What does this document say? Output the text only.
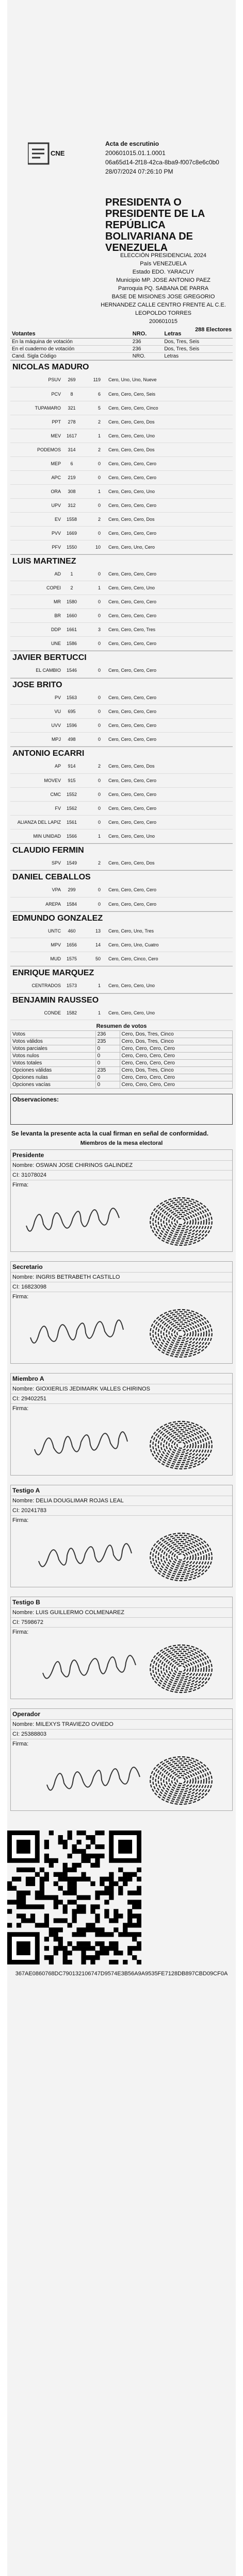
CNE
Acta de escrutinio
200601015.01.1.0001
06a65d14-2f18-42ca-8ba9-f007c8e6c0b0
28/07/2024 07:26:10 PM
PRESIDENTA O PRESIDENTE DE LA REPÚBLICA BOLIVARIANA DE VENEZUELA
ELECCIÓN PRESIDENCIAL 2024
País VENEZUELA
Estado EDO. YARACUY
Municipio MP. JOSE ANTONIO PAEZ
Parroquia PQ. SABANA DE PARRA
BASE DE MISIONES JOSE GREGORIO HERNANDEZ CALLE CENTRO FRENTE AL C.E. LEOPOLDO TORRES
200601015
288 Electores
Votantes	NRO.	Letras
En la máquina de votación	236	Dos, Tres, Seis
En el cuaderno de votación	236	Dos, Tres, Seis
Cand. Sigla Código	NRO.	Letras
NICOLAS MADURO
PSUV	269	119	Cero, Uno, Uno, Nueve
PCV	8	6	Cero, Cero, Cero, Seis
TUPAMARO	321	5	Cero, Cero, Cero, Cinco
PPT	278	2	Cero, Cero, Cero, Dos
MEV	1617	1	Cero, Cero, Cero, Uno
PODEMOS	314	2	Cero, Cero, Cero, Dos
MEP	6	0	Cero, Cero, Cero, Cero
APC	219	0	Cero, Cero, Cero, Cero
ORA	308	1	Cero, Cero, Cero, Uno
UPV	312	0	Cero, Cero, Cero, Cero
EV	1558	2	Cero, Cero, Cero, Dos
PVV	1669	0	Cero, Cero, Cero, Cero
PFV	1550	10	Cero, Cero, Uno, Cero
LUIS MARTINEZ
AD	1	0	Cero, Cero, Cero, Cero
COPEI	2	1	Cero, Cero, Cero, Uno
MR	1580	0	Cero, Cero, Cero, Cero
BR	1660	0	Cero, Cero, Cero, Cero
DDP	1661	3	Cero, Cero, Cero, Tres
UNE	1586	0	Cero, Cero, Cero, Cero
JAVIER BERTUCCI
EL CAMBIO	1546	0	Cero, Cero, Cero, Cero
JOSE BRITO
PV	1563	0	Cero, Cero, Cero, Cero
VU	695	0	Cero, Cero, Cero, Cero
UVV	1596	0	Cero, Cero, Cero, Cero
MPJ	498	0	Cero, Cero, Cero, Cero
ANTONIO ECARRI
AP	914	2	Cero, Cero, Cero, Dos
MOVEV	915	0	Cero, Cero, Cero, Cero
CMC	1552	0	Cero, Cero, Cero, Cero
FV	1562	0	Cero, Cero, Cero, Cero
ALIANZA DEL LAPIZ	1561	0	Cero, Cero, Cero, Cero
MIN UNIDAD	1566	1	Cero, Cero, Cero, Uno
CLAUDIO FERMIN
SPV	1549	2	Cero, Cero, Cero, Dos
DANIEL CEBALLOS
VPA	299	0	Cero, Cero, Cero, Cero
AREPA	1584	0	Cero, Cero, Cero, Cero
EDMUNDO GONZALEZ
UNTC	460	13	Cero, Cero, Uno, Tres
MPV	1656	14	Cero, Cero, Uno, Cuatro
MUD	1575	50	Cero, Cero, Cinco, Cero
ENRIQUE MARQUEZ
CENTRADOS	1573	1	Cero, Cero, Cero, Uno
BENJAMIN RAUSSEO
CONDE	1582	1	Cero, Cero, Cero, Uno
Resumen de votos
Votos	236	Cero, Dos, Tres, Cinco
Votos válidos	235	Cero, Dos, Tres, Cinco
Votos parciales	0	Cero, Cero, Cero, Cero
Votos nulos	0	Cero, Cero, Cero, Cero
Votos totales	0	Cero, Cero, Cero, Cero
Opciones válidas	235	Cero, Dos, Tres, Cinco
Opciones nulas	0	Cero, Cero, Cero, Cero
Opciones vacías	0	Cero, Cero, Cero, Cero
Observaciones:
Se levanta la presente acta la cual firman en señal de conformidad.
Miembros de la mesa electoral
Presidente
Nombre: OSWAN JOSE CHIRINOS GALINDEZ
CI: 31078024
Firma:
Secretario
Nombre: INGRIS BETRABETH CASTILLO
CI: 16823098
Firma:
Miembro A
Nombre: GIOXIERLIS JEDIMARK VALLES CHIRINOS
CI: 29402251
Firma:
Testigo A
Nombre: DELIA DOUGLIMAR ROJAS LEAL
CI: 20241783
Firma:
Testigo B
Nombre: LUIS GUILLERMO COLMENAREZ
CI: 7598672
Firma:
Operador
Nombre: MILEXYS TRAVIEZO OVIEDO
CI: 25388803
Firma:
367AE0860768DC790132106747D9574E3B56A9A9535FE7128DB897CBD09CF0A
